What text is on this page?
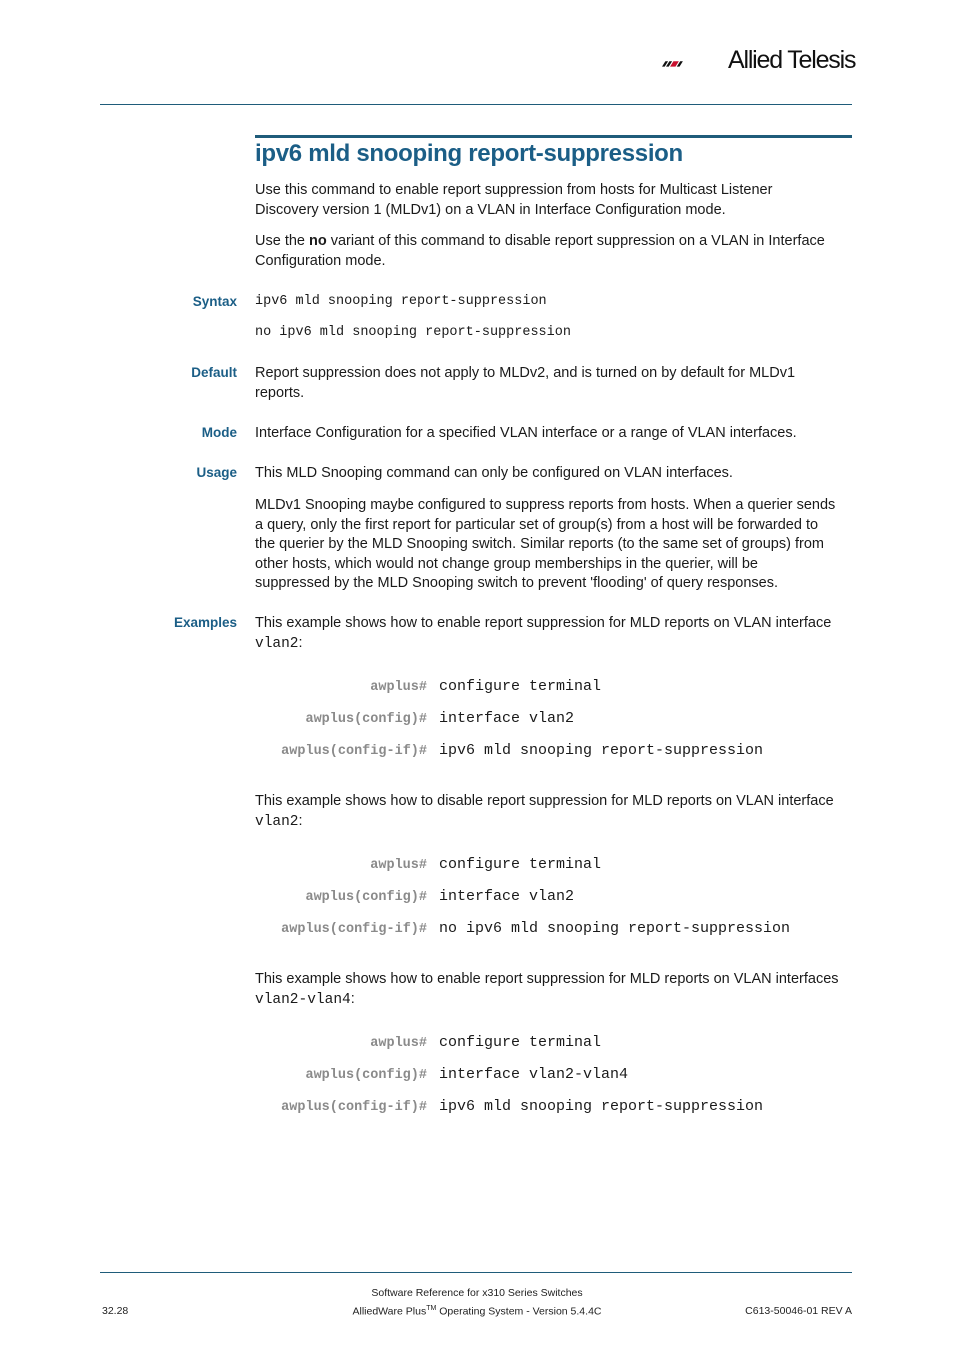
Allied Telesis
ipv6 mld snooping report-suppression
Use this command to enable report suppression from hosts for Multicast Listener
Discovery version 1 (MLDv1) on a VLAN in Interface Configuration mode.
Use the no variant of this command to disable report suppression on a VLAN in Interface
Configuration mode.
Syntax ipv6 mld snooping report-suppression
no ipv6 mld snooping report-suppression
Default Report suppression does not apply to MLDv2, and is turned on by default for MLDv1
reports.
Mode Interface Configuration for a specified VLAN interface or a range of VLAN interfaces.
Usage This MLD Snooping command can only be configured on VLAN interfaces.
MLDv1 Snooping maybe configured to suppress reports from hosts. When a querier sends
a query, only the first report for particular set of group(s) from a host will be forwarded to
the querier by the MLD Snooping switch. Similar reports (to the same set of groups) from
other hosts, which would not change group memberships in the querier, will be
suppressed by the MLD Snooping switch to prevent 'flooding' of query responses.
Examples This example shows how to enable report suppression for MLD reports on VLAN interface
vlan2:
awplus# configure terminal
awplus(config)# interface vlan2
awplus(config-if)# ipv6 mld snooping report-suppression
This example shows how to disable report suppression for MLD reports on VLAN interface
vlan2:
awplus# configure terminal
awplus(config)# interface vlan2
awplus(config-if)# no ipv6 mld snooping report-suppression
This example shows how to enable report suppression for MLD reports on VLAN interfaces
vlan2-vlan4:
awplus# configure terminal
awplus(config)# interface vlan2-vlan4
awplus(config-if)# ipv6 mld snooping report-suppression
Software Reference for x310 Series Switches
AlliedWare Plus™ Operating System - Version 5.4.4C
32.28	C613-50046-01 REV A
